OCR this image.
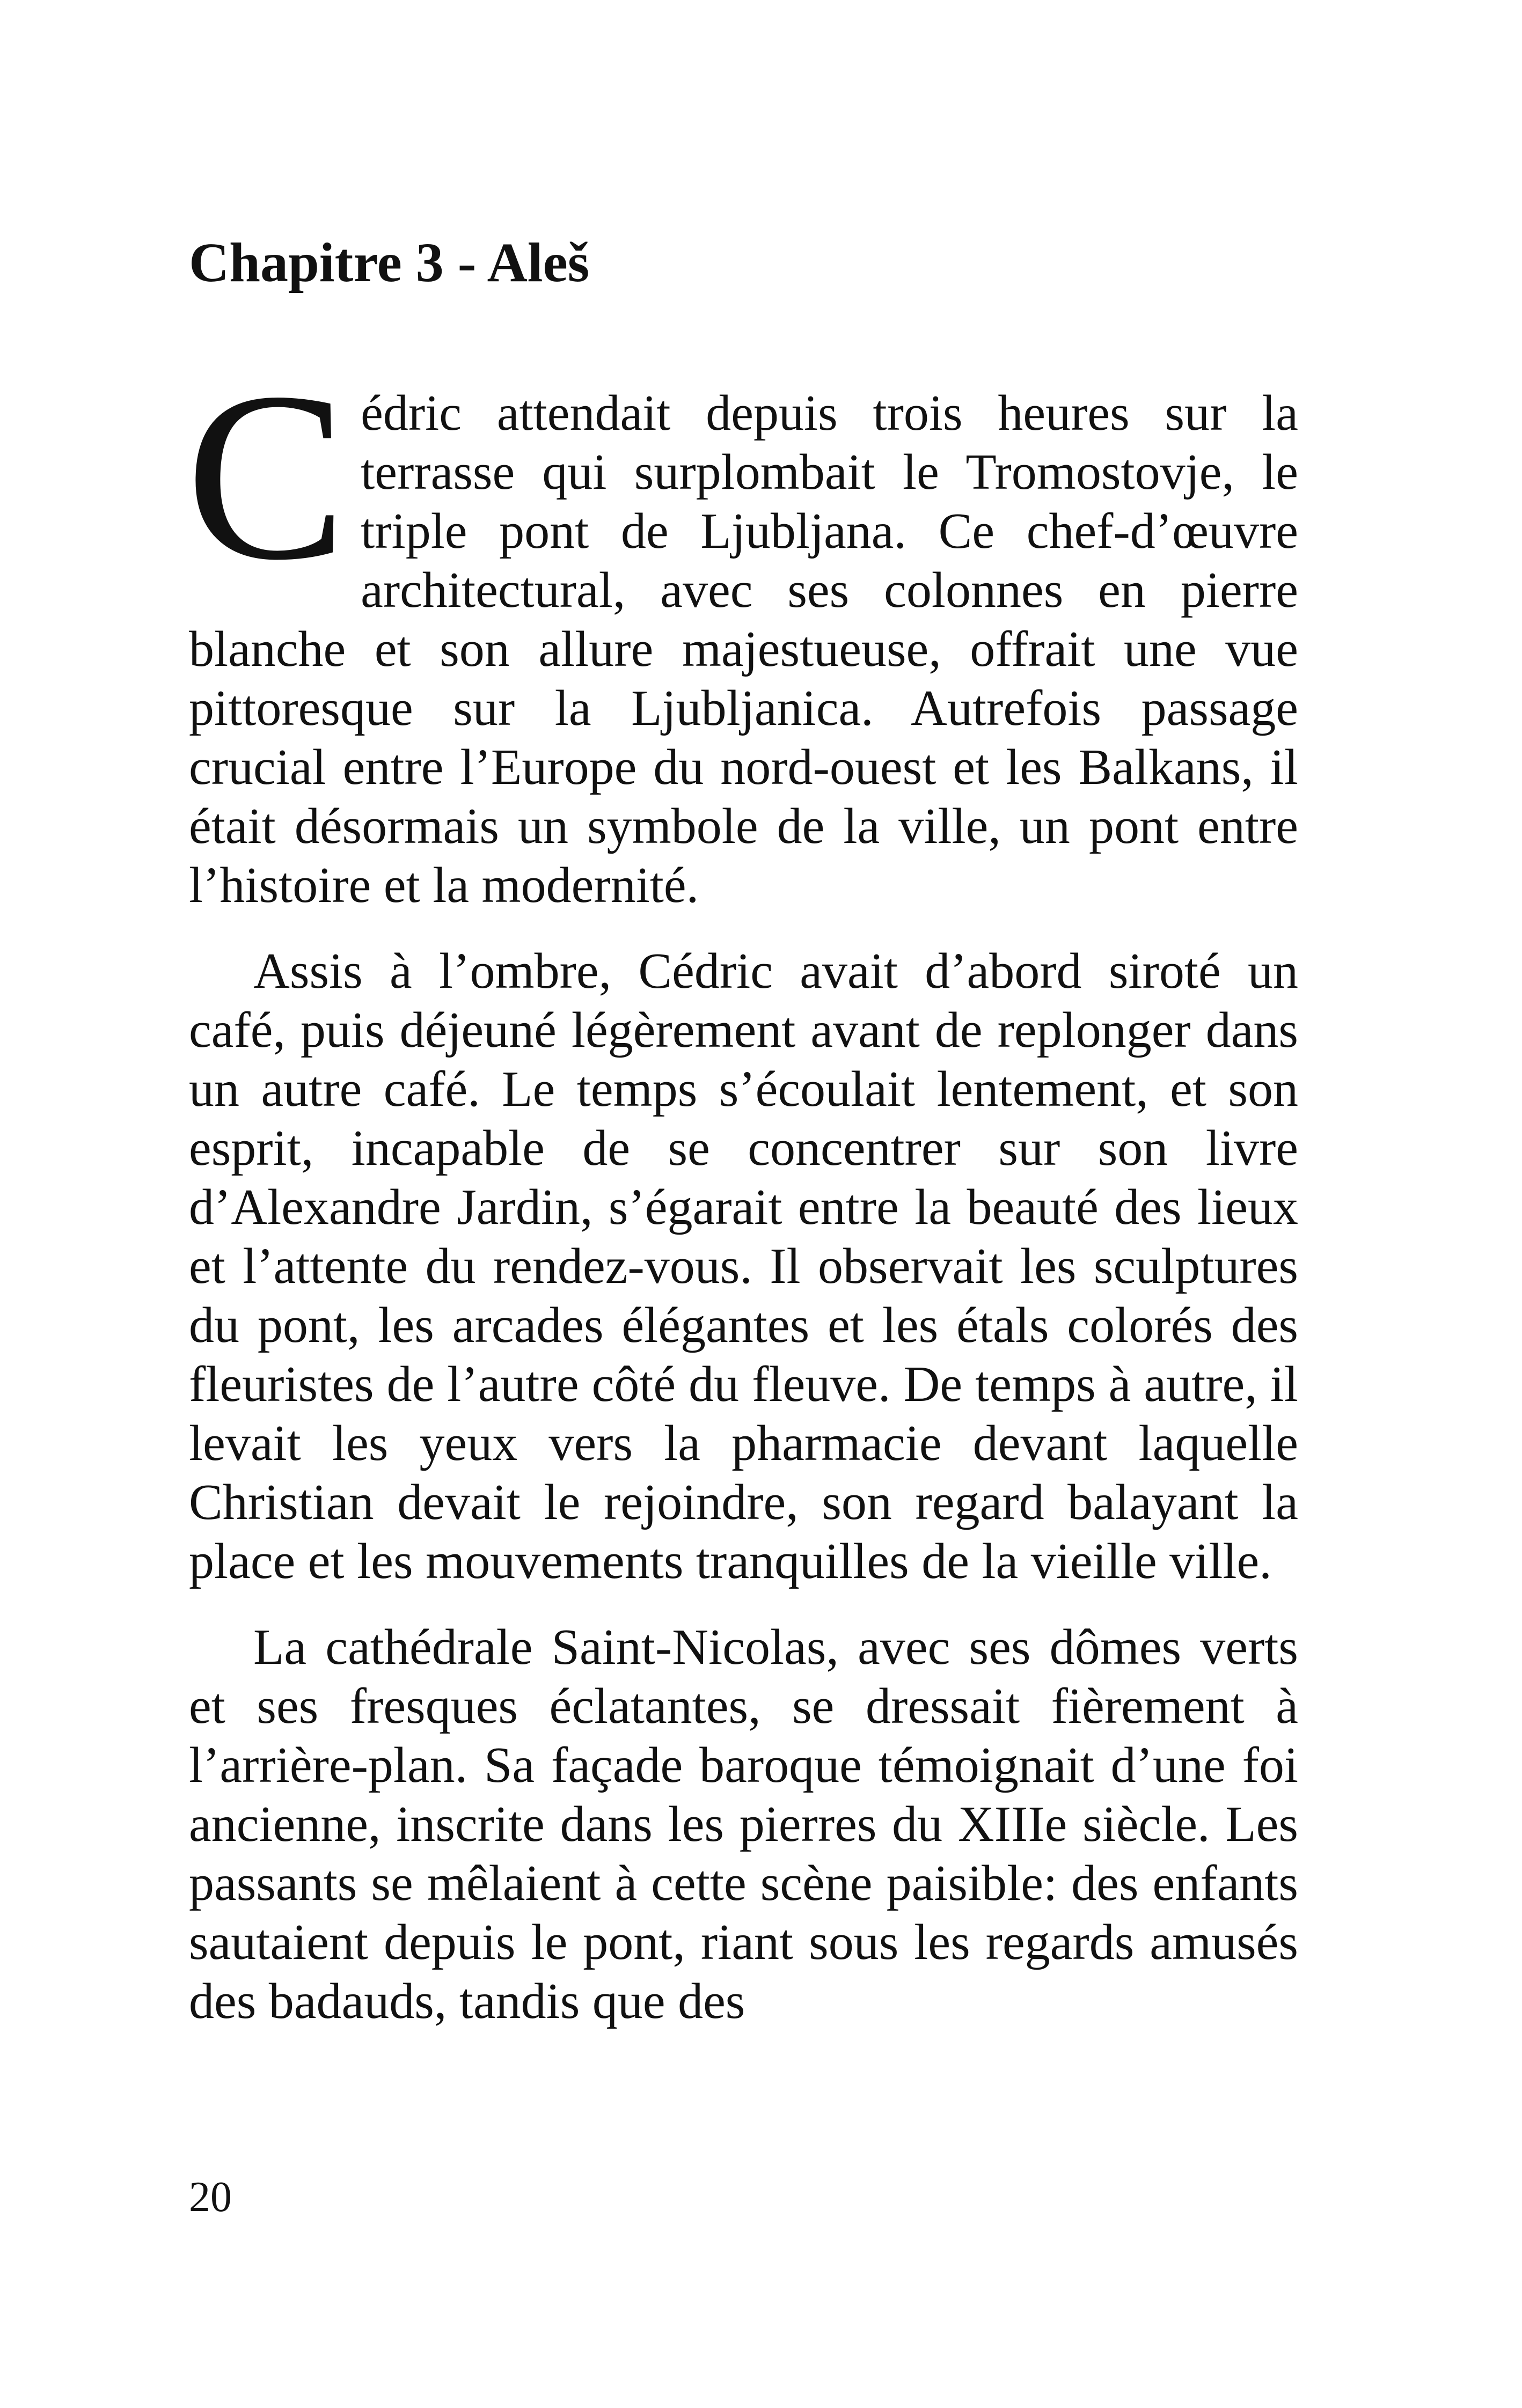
Chapitre 3 - Aleš

Cédric attendait depuis trois heures sur la terrasse qui surplombait le Tromostovje, le triple pont de Ljubljana. Ce chef-d’œuvre architectural, avec ses colonnes en pierre blanche et son allure majestueuse, offrait une vue pittoresque sur la Ljubljanica. Autrefois passage crucial entre l’Europe du nord-ouest et les Balkans, il était désormais un symbole de la ville, un pont entre l’histoire et la modernité.

Assis à l’ombre, Cédric avait d’abord siroté un café, puis déjeuné légèrement avant de replonger dans un autre café. Le temps s’écoulait lentement, et son esprit, incapable de se concentrer sur son livre d’Alexandre Jardin, s’égarait entre la beauté des lieux et l’attente du rendez-vous. Il observait les sculptures du pont, les arcades élégantes et les étals colorés des fleuristes de l’autre côté du fleuve. De temps à autre, il levait les yeux vers la pharmacie devant laquelle Christian devait le rejoindre, son regard balayant la place et les mouvements tranquilles de la vieille ville.

La cathédrale Saint-Nicolas, avec ses dômes verts et ses fresques éclatantes, se dressait fièrement à l’arrière-plan. Sa façade baroque témoignait d’une foi ancienne, inscrite dans les pierres du XIIIe siècle. Les passants se mêlaient à cette scène paisible: des enfants sautaient depuis le pont, riant sous les regards amusés des badauds, tandis que des

20
